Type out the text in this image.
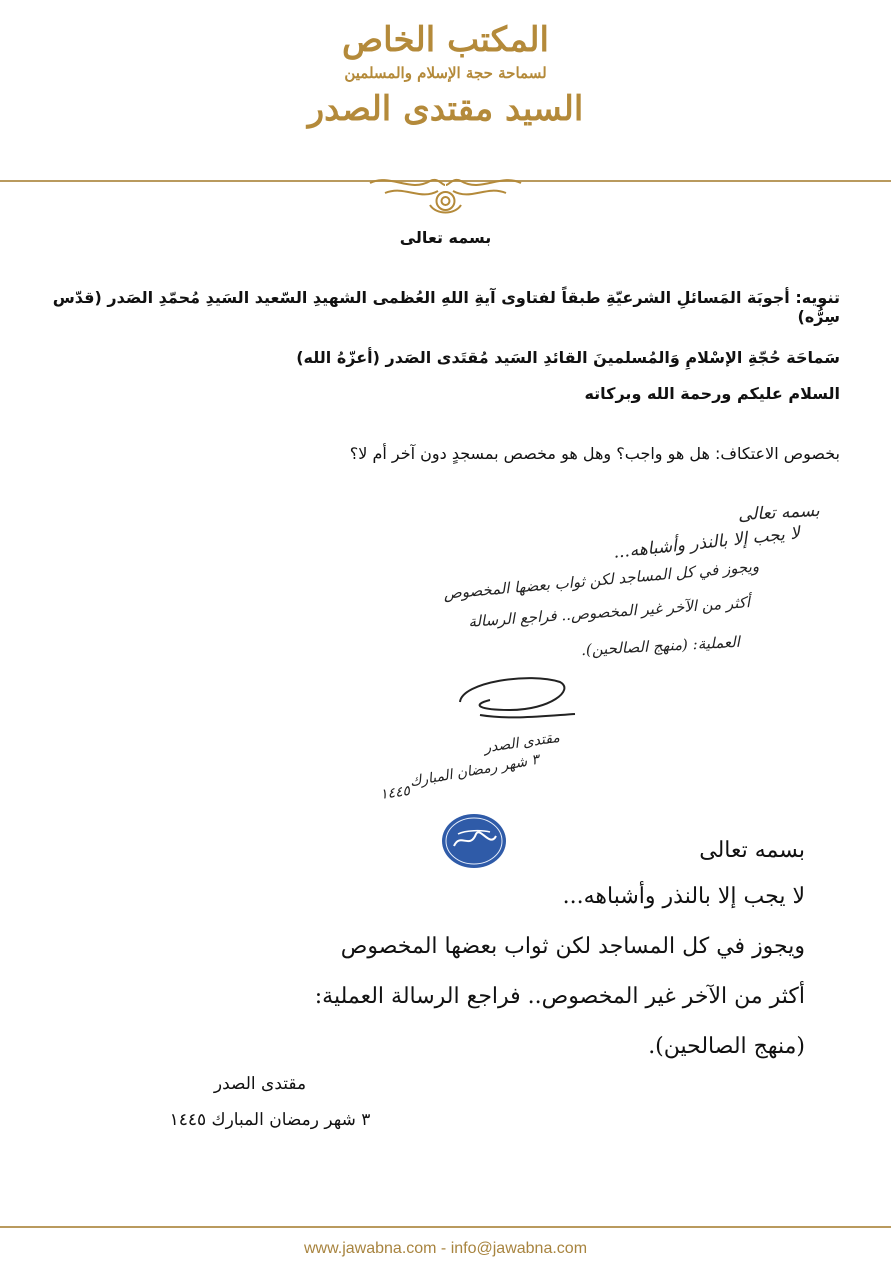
المكتب الخاص
لسماحة حجة الإسلام والمسلمين
السيد مقتدى الصدر
بسمه تعالى
تنويه: أجوبَة المَسائلِ الشرعيّةِ طبقاً لفتاوى آيةِ اللهِ العُظمى الشهيدِ السّعيد السَيدِ مُحمّدِ الصَدر (قدّس سِرُّه)
سَماحَة حُجّةِ الإسْلامِ وَالمُسلمينَ القائدِ السَيد مُقتَدى الصَدر (أعزّهُ الله)
السلام عليكم ورحمة الله وبركاته
بخصوص الاعتكاف: هل هو واجب؟ وهل هو مخصص بمسجدٍ دون آخر أم لا؟
بسمه تعالى
لا يجب إلا بالنذر وأشباهه...
ويجوز في كل المساجد لكن ثواب بعضها المخصوص
أكثر من الآخر غير المخصوص.. فراجع الرسالة
العملية: (منهج الصالحين).
مقتدى الصدر
٣ شهر رمضان المبارك
١٤٤٥
بسمه تعالى
لا يجب إلا بالنذر وأشباهه...
ويجوز في كل المساجد لكن ثواب بعضها المخصوص
أكثر من الآخر غير المخصوص.. فراجع الرسالة العملية:
(منهج الصالحين).
مقتدى الصدر
٣ شهر رمضان المبارك ١٤٤٥
www.jawabna.com - info@jawabna.com
